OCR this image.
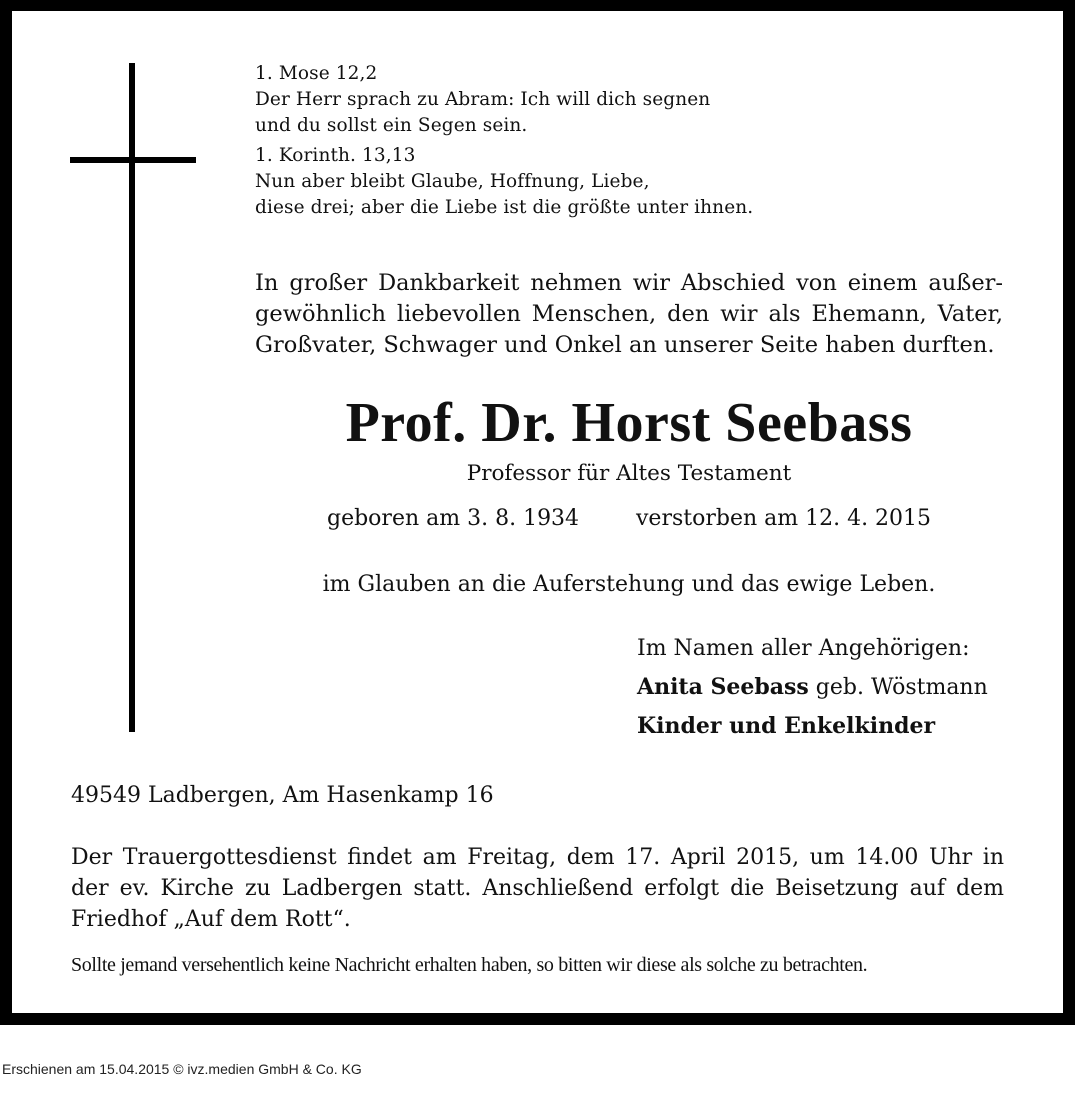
1. Mose 12,2
Der Herr sprach zu Abram: Ich will dich segnen
und du sollst ein Segen sein.
1. Korinth. 13,13
Nun aber bleibt Glaube, Hoffnung, Liebe,
diese drei; aber die Liebe ist die größte unter ihnen.
In großer Dankbarkeit nehmen wir Abschied von einem außer-
gewöhnlich liebevollen Menschen, den wir als Ehemann, Vater,
Großvater, Schwager und Onkel an unserer Seite haben durften.
Prof. Dr. Horst Seebass
Professor für Altes Testament
geboren am 3. 8. 1934	verstorben am 12. 4. 2015
im Glauben an die Auferstehung und das ewige Leben.
Im Namen aller Angehörigen:
Anita Seebass geb. Wöstmann
Kinder und Enkelkinder
49549 Ladbergen, Am Hasenkamp 16
Der Trauergottesdienst findet am Freitag, dem 17. April 2015, um 14.00 Uhr in
der ev. Kirche zu Ladbergen statt. Anschließend erfolgt die Beisetzung auf dem
Friedhof „Auf dem Rott“.
Sollte jemand versehentlich keine Nachricht erhalten haben, so bitten wir diese als solche zu betrachten.
Erschienen am 15.04.2015 © ivz.medien GmbH & Co. KG
